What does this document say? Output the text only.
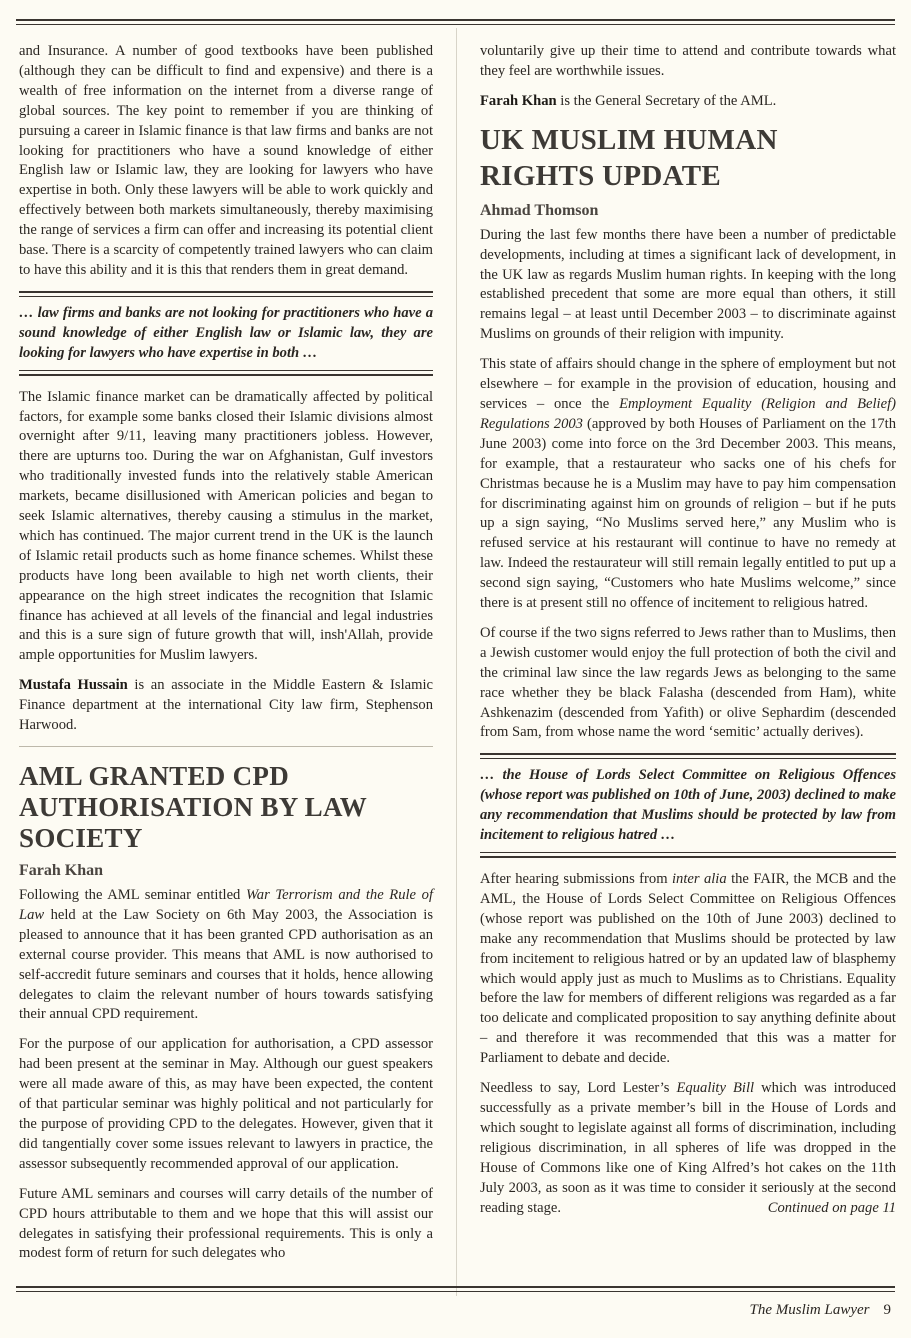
and Insurance. A number of good textbooks have been published (although they can be difficult to find and expensive) and there is a wealth of free information on the internet from a diverse range of global sources. The key point to remember if you are thinking of pursuing a career in Islamic finance is that law firms and banks are not looking for practitioners who have a sound knowledge of either English law or Islamic law, they are looking for lawyers who have expertise in both. Only these lawyers will be able to work quickly and effectively between both markets simultaneously, thereby maximising the range of services a firm can offer and increasing its potential client base. There is a scarcity of competently trained lawyers who can claim to have this ability and it is this that renders them in great demand.

… law firms and banks are not looking for practitioners who have a sound knowledge of either English law or Islamic law, they are looking for lawyers who have expertise in both …

The Islamic finance market can be dramatically affected by political factors, for example some banks closed their Islamic divisions almost overnight after 9/11, leaving many practitioners jobless. However, there are upturns too. During the war on Afghanistan, Gulf investors who traditionally invested funds into the relatively stable American markets, became disillusioned with American policies and began to seek Islamic alternatives, thereby causing a stimulus in the market, which has continued. The major current trend in the UK is the launch of Islamic retail products such as home finance schemes. Whilst these products have long been available to high net worth clients, their appearance on the high street indicates the recognition that Islamic finance has achieved at all levels of the financial and legal industries and this is a sure sign of future growth that will, insh'Allah, provide ample opportunities for Muslim lawyers.

Mustafa Hussain is an associate in the Middle Eastern & Islamic Finance department at the international City law firm, Stephenson Harwood.

AML GRANTED CPD AUTHORISATION BY LAW SOCIETY
Farah Khan

Following the AML seminar entitled War Terrorism and the Rule of Law held at the Law Society on 6th May 2003, the Association is pleased to announce that it has been granted CPD authorisation as an external course provider. This means that AML is now authorised to self-accredit future seminars and courses that it holds, hence allowing delegates to claim the relevant number of hours towards satisfying their annual CPD requirement.

For the purpose of our application for authorisation, a CPD assessor had been present at the seminar in May. Although our guest speakers were all made aware of this, as may have been expected, the content of that particular seminar was highly political and not particularly for the purpose of providing CPD to the delegates. However, given that it did tangentially cover some issues relevant to lawyers in practice, the assessor subsequently recommended approval of our application.

Future AML seminars and courses will carry details of the number of CPD hours attributable to them and we hope that this will assist our delegates in satisfying their professional requirements. This is only a modest form of return for such delegates who

voluntarily give up their time to attend and contribute towards what they feel are worthwhile issues.

Farah Khan is the General Secretary of the AML.

UK MUSLIM HUMAN RIGHTS UPDATE
Ahmad Thomson

During the last few months there have been a number of predictable developments, including at times a significant lack of development, in the UK law as regards Muslim human rights. In keeping with the long established precedent that some are more equal than others, it still remains legal – at least until December 2003 – to discriminate against Muslims on grounds of their religion with impunity.

This state of affairs should change in the sphere of employment but not elsewhere – for example in the provision of education, housing and services – once the Employment Equality (Religion and Belief) Regulations 2003 (approved by both Houses of Parliament on the 17th June 2003) come into force on the 3rd December 2003. This means, for example, that a restaurateur who sacks one of his chefs for Christmas because he is a Muslim may have to pay him compensation for discriminating against him on grounds of religion – but if he puts up a sign saying, “No Muslims served here,” any Muslim who is refused service at his restaurant will continue to have no remedy at law. Indeed the restaurateur will still remain legally entitled to put up a second sign saying, “Customers who hate Muslims welcome,” since there is at present still no offence of incitement to religious hatred.

Of course if the two signs referred to Jews rather than to Muslims, then a Jewish customer would enjoy the full protection of both the civil and the criminal law since the law regards Jews as belonging to the same race whether they be black Falasha (descended from Ham), white Ashkenazim (descended from Yafith) or olive Sephardim (descended from Sam, from whose name the word ‘semitic’ actually derives).

… the House of Lords Select Committee on Religious Offences (whose report was published on 10th of June, 2003) declined to make any recommendation that Muslims should be protected by law from incitement to religious hatred …

After hearing submissions from inter alia the FAIR, the MCB and the AML, the House of Lords Select Committee on Religious Offences (whose report was published on the 10th of June 2003) declined to make any recommendation that Muslims should be protected by law from incitement to religious hatred or by an updated law of blasphemy which would apply just as much to Muslims as to Christians. Equality before the law for members of different religions was regarded as a far too delicate and complicated proposition to say anything definite about – and therefore it was recommended that this was a matter for Parliament to debate and decide.

Needless to say, Lord Lester’s Equality Bill which was introduced successfully as a private member’s bill in the House of Lords and which sought to legislate against all forms of discrimination, including religious discrimination, in all spheres of life was dropped in the House of Commons like one of King Alfred’s hot cakes on the 11th July 2003, as soon as it was time to consider it seriously at the second reading stage.	Continued on page 11

The Muslim Lawyer 9
